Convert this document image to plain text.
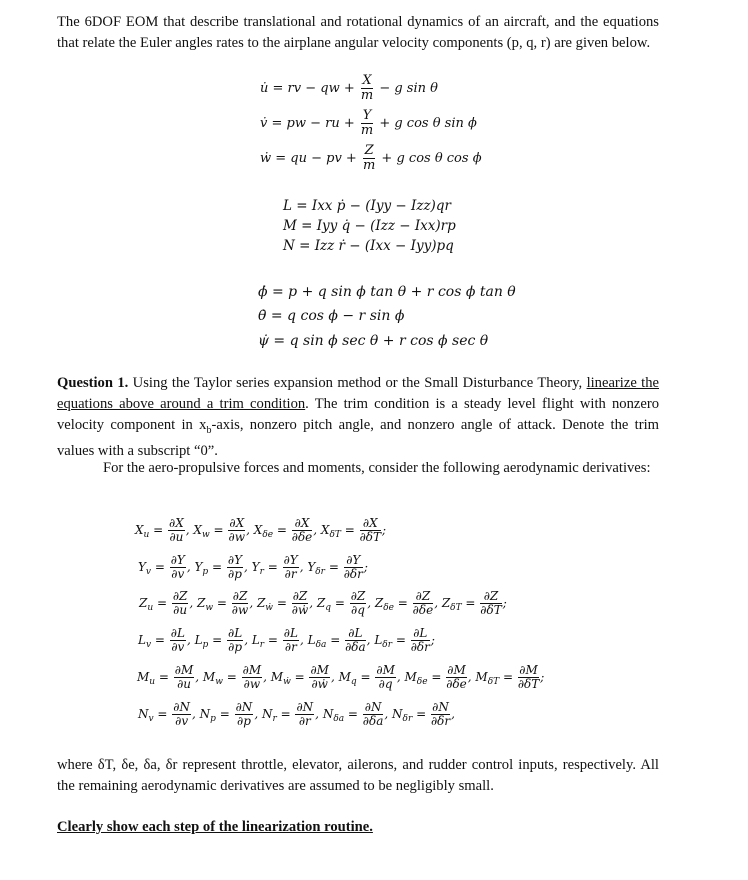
The 6DOF EOM that describe translational and rotational dynamics of an aircraft, and the equations that relate the Euler angles rates to the airplane angular velocity components (p, q, r) are given below.

u̇ = rv − qw + $\frac{X}{m} - g$ sin θ
v̇ = pw − ru + $\frac{Y}{m} + g$ cos θ sin ϕ
ẇ = qu − pv + $\frac{Z}{m} + g$ cos θ cos ϕ
L = Ixx ṗ − (Iyy − Izz)qr
M = Iyy q̇ − (Izz − Ixx)rp
N = Izz ṙ − (Ixx − Iyy)pq
ϕ̇ = p + q sin ϕ tan θ + r cos ϕ tan θ
θ̇ = q cos ϕ − r sin ϕ
ψ̇ = q sin ϕ sec θ + r cos ϕ sec θ

Question 1. Using the Taylor series expansion method or the Small Disturbance Theory, linearize the equations above around a trim condition. The trim condition is a steady level flight with nonzero velocity component in $x_b$-axis, nonzero pitch angle, and nonzero angle of attack. Denote the trim values with a subscript “0”.

For the aero-propulsive forces and moments, consider the following aerodynamic derivatives:

$X_u = \frac{\partial X}{\partial u}$ , $X_w = \frac{\partial X}{\partial w}$ , $X_{\delta e} = \frac{\partial X}{\partial\delta e}$ , $X_{\delta T} = \frac{\partial X}{\partial\delta T}$ ;
$Y_v = \frac{\partial Y}{\partial v}$ , $Y_p = \frac{\partial Y}{\partial p}$ , $Y_r = \frac{\partial Y}{\partial r}$ , $Y_{\delta r} = \frac{\partial Y}{\partial\delta r}$ ;
$Z_u = \frac{\partial Z}{\partial u}$ , $Z_w = \frac{\partial Z}{\partial w}$ , $Z_ẇ = \frac{\partial Z}{\text{∂ẇ}}$ , $Z_q = \frac{\partial Z}{\partial q}$ , $Z_{\delta e} = \frac{\partial Z}{\partial\delta e}$ , $Z_{\delta T} = \frac{\partial Z}{\partial\delta T}$ ;
$L_v = \frac{\partial L}{\partial v}$ , $L_p = \frac{\partial L}{\partial p}$ , $L_r = \frac{\partial L}{\partial r}$ , $L_{\delta a} = \frac{\partial L}{\partial\delta a}$ , $L_{\delta r} = \frac{\partial L}{\partial\delta r}$ ;
$M_u = \frac{\partial M}{\partial u}$ , $M_w = \frac{\partial M}{\partial w}$ , $M_ẇ = \frac{\partial M}{\text{∂ẇ}}$ , $M_q = \frac{\partial M}{\partial q}$ , $M_{\delta e} = \frac{\partial M}{\partial\delta e}$ , $M_{\delta T} = \frac{\partial M}{\partial\delta T}$ ;
$N_v = \frac{\partial N}{\partial v}$ , $N_p = \frac{\partial N}{\partial p}$ , $N_r = \frac{\partial N}{\partial r}$ , $N_{\delta a} = \frac{\partial N}{\partial\delta a}$ , $N_{\delta r} = \frac{\partial N}{\partial\delta r}$ ,

where δT, δe, δa, δr represent throttle, elevator, ailerons, and rudder control inputs, respectively. All the remaining aerodynamic derivatives are assumed to be negligibly small.

Clearly show each step of the linearization routine.
